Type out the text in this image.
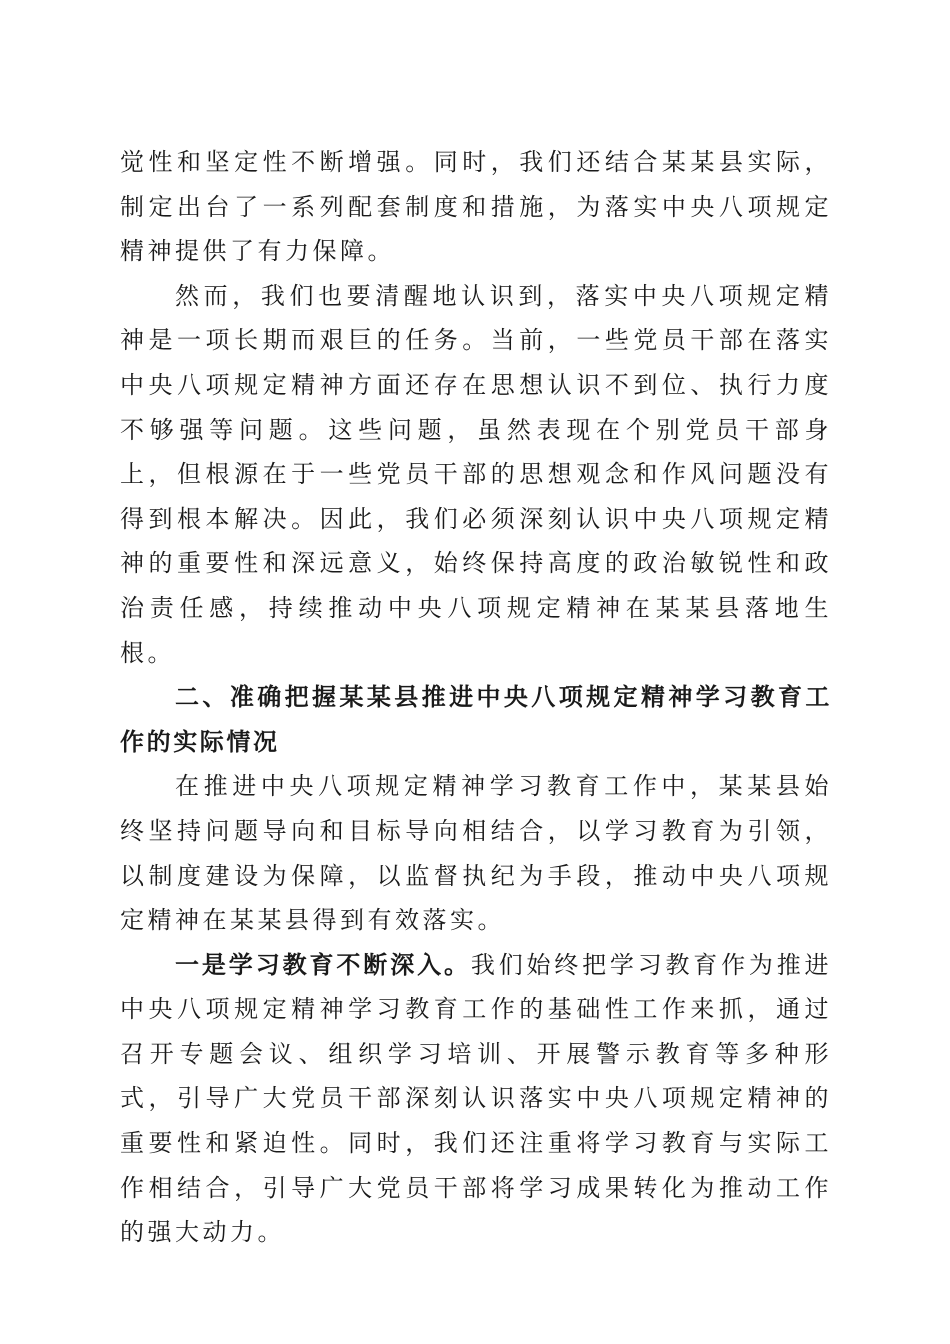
觉性和坚定性不断增强。同时，我们还结合某某县实际，制定出台了一系列配套制度和措施，为落实中央八项规定精神提供了有力保障。

然而，我们也要清醒地认识到，落实中央八项规定精神是一项长期而艰巨的任务。当前，一些党员干部在落实中央八项规定精神方面还存在思想认识不到位、执行力度不够强等问题。这些问题，虽然表现在个别党员干部身上，但根源在于一些党员干部的思想观念和作风问题没有得到根本解决。因此，我们必须深刻认识中央八项规定精神的重要性和深远意义，始终保持高度的政治敏锐性和政治责任感，持续推动中央八项规定精神在某某县落地生根。

二、准确把握某某县推进中央八项规定精神学习教育工作的实际情况

在推进中央八项规定精神学习教育工作中，某某县始终坚持问题导向和目标导向相结合，以学习教育为引领，以制度建设为保障，以监督执纪为手段，推动中央八项规定精神在某某县得到有效落实。

一是学习教育不断深入。我们始终把学习教育作为推进中央八项规定精神学习教育工作的基础性工作来抓，通过召开专题会议、组织学习培训、开展警示教育等多种形式，引导广大党员干部深刻认识落实中央八项规定精神的重要性和紧迫性。同时，我们还注重将学习教育与实际工作相结合，引导广大党员干部将学习成果转化为推动工作的强大动力。
